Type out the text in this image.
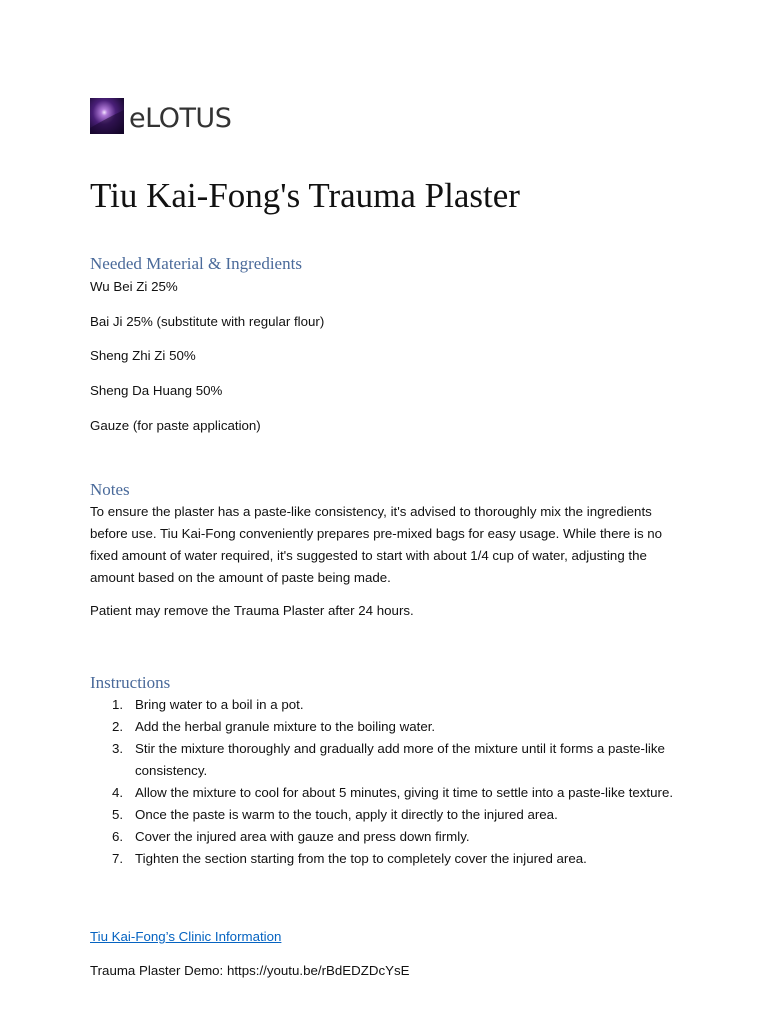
eLOTUS
Tiu Kai-Fong's Trauma Plaster
Needed Material & Ingredients

Wu Bei Zi 25%

Bai Ji 25% (substitute with regular flour)

Sheng Zhi Zi 50%

Sheng Da Huang 50%

Gauze (for paste application)

Notes

To ensure the plaster has a paste-like consistency, it's advised to thoroughly mix the ingredients before use. Tiu Kai-Fong conveniently prepares pre-mixed bags for easy usage. While there is no fixed amount of water required, it's suggested to start with about 1/4 cup of water, adjusting the amount based on the amount of paste being made.

Patient may remove the Trauma Plaster after 24 hours.

Instructions
1. Bring water to a boil in a pot.
2. Add the herbal granule mixture to the boiling water.
3. Stir the mixture thoroughly and gradually add more of the mixture until it forms a paste-like consistency.
4. Allow the mixture to cool for about 5 minutes, giving it time to settle into a paste-like texture.
5. Once the paste is warm to the touch, apply it directly to the injured area.
6. Cover the injured area with gauze and press down firmly.
7. Tighten the section starting from the top to completely cover the injured area.
Tiu Kai-Fong’s Clinic Information

Trauma Plaster Demo: https://youtu.be/rBdEDZDcYsE
